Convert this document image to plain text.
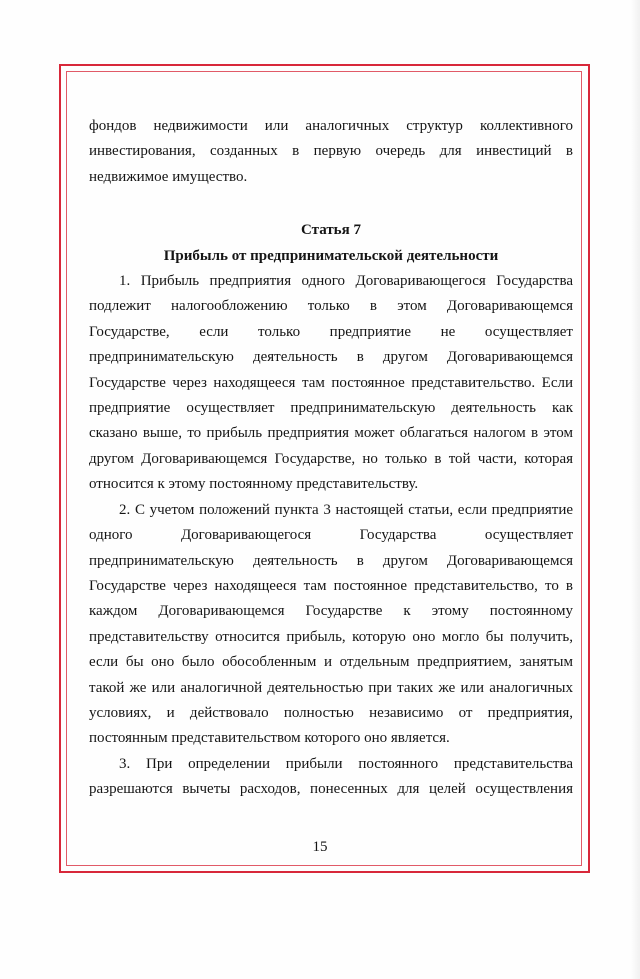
фондов недвижимости или аналогичных структур коллективного инвестирования, созданных в первую очередь для инвестиций в недвижимое имущество.

Статья 7

Прибыль от предпринимательской деятельности

1. Прибыль предприятия одного Договаривающегося Государства подлежит налогообложению только в этом Договаривающемся Государстве, если только предприятие не осуществляет предпринимательскую деятельность в другом Договаривающемся Государстве через находящееся там постоянное представительство. Если предприятие осуществляет предпринимательскую деятельность как сказано выше, то прибыль предприятия может облагаться налогом в этом другом Договаривающемся Государстве, но только в той части, которая относится к этому постоянному представительству.

2. С учетом положений пункта 3 настоящей статьи, если предприятие одного Договаривающегося Государства осуществляет предпринимательскую деятельность в другом Договаривающемся Государстве через находящееся там постоянное представительство, то в каждом Договаривающемся Государстве к этому постоянному представительству относится прибыль, которую оно могло бы получить, если бы оно было обособленным и отдельным предприятием, занятым такой же или аналогичной деятельностью при таких же или аналогичных условиях, и действовало полностью независимо от предприятия, постоянным представительством которого оно является.

3. При определении прибыли постоянного представительства разрешаются вычеты расходов, понесенных для целей осуществления

15
